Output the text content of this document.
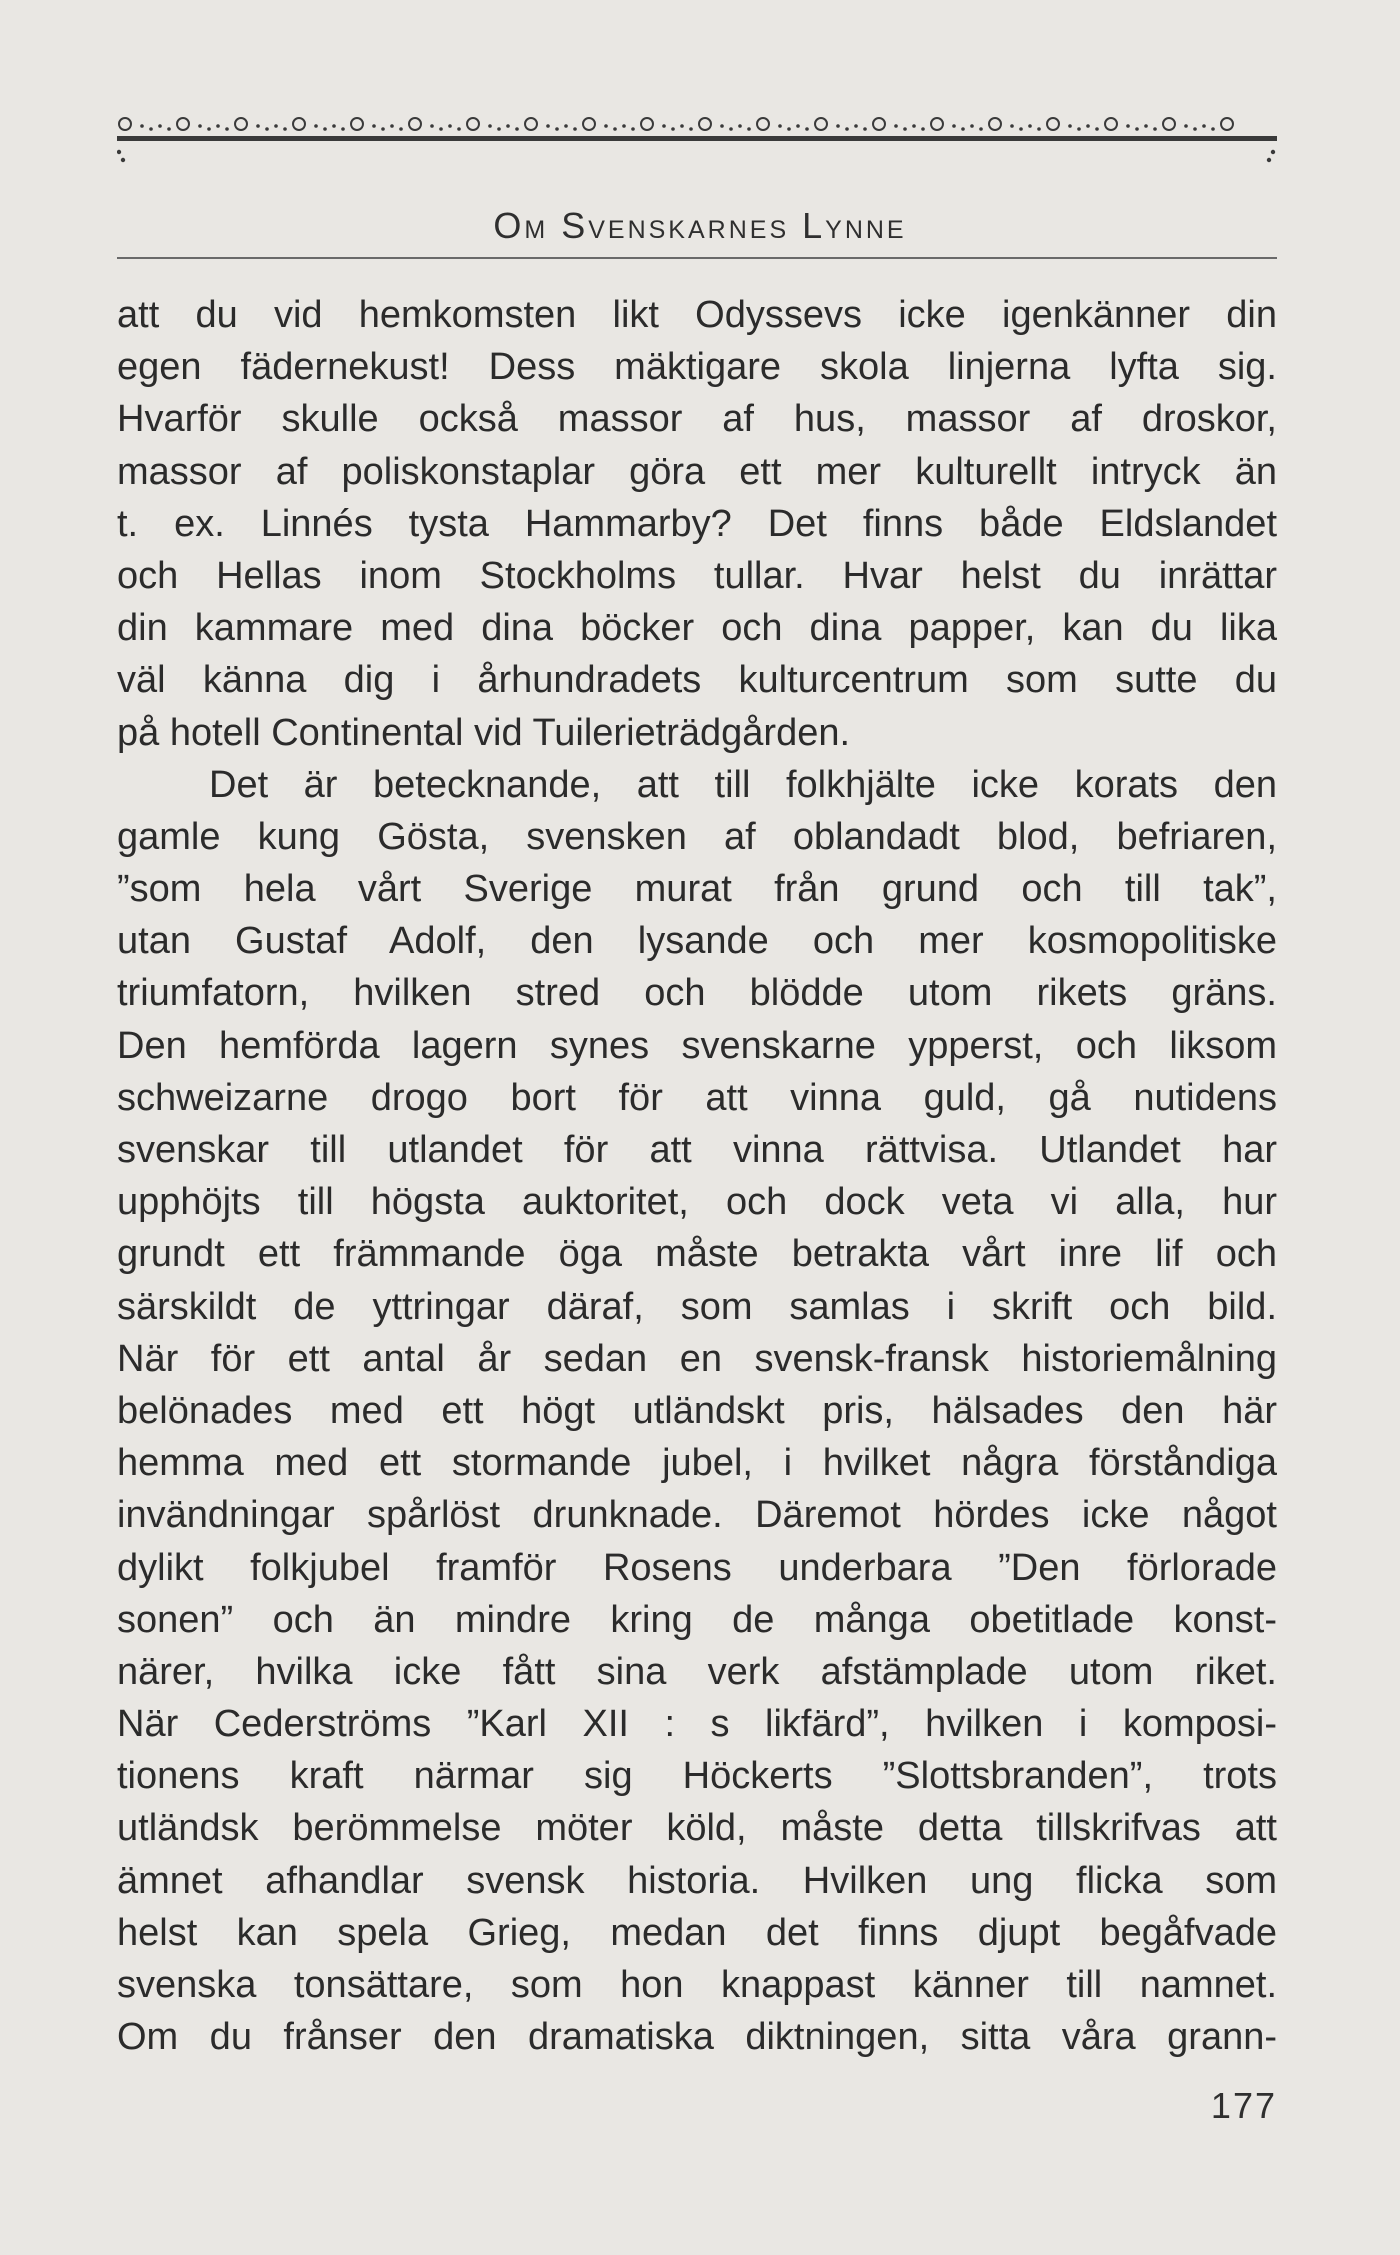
Om Svenskarnes Lynne
att du vid hemkomsten likt Odyssevs icke igenkänner din
egen fädernekust! Dess mäktigare skola linjerna lyfta sig.
Hvarför skulle också massor af hus, massor af droskor,
massor af poliskonstaplar göra ett mer kulturellt intryck än
t. ex. Linnés tysta Hammarby? Det finns både Eldslandet
och Hellas inom Stockholms tullar. Hvar helst du inrättar
din kammare med dina böcker och dina papper, kan du lika
väl känna dig i århundradets kulturcentrum som sutte du
på hotell Continental vid Tuilerieträdgården.
Det är betecknande, att till folkhjälte icke korats den
gamle kung Gösta, svensken af oblandadt blod, befriaren,
”som hela vårt Sverige murat från grund och till tak”,
utan Gustaf Adolf, den lysande och mer kosmopolitiske
triumfatorn, hvilken stred och blödde utom rikets gräns.
Den hemförda lagern synes svenskarne ypperst, och liksom
schweizarne drogo bort för att vinna guld, gå nutidens
svenskar till utlandet för att vinna rättvisa. Utlandet har
upphöjts till högsta auktoritet, och dock veta vi alla, hur
grundt ett främmande öga måste betrakta vårt inre lif och
särskildt de yttringar däraf, som samlas i skrift och bild.
När för ett antal år sedan en svensk-fransk historiemålning
belönades med ett högt utländskt pris, hälsades den här
hemma med ett stormande jubel, i hvilket några förståndiga
invändningar spårlöst drunknade. Däremot hördes icke något
dylikt folkjubel framför Rosens underbara ”Den förlorade
sonen” och än mindre kring de många obetitlade konst-
närer, hvilka icke fått sina verk afstämplade utom riket.
När Cederströms ”Karl XII : s likfärd”, hvilken i komposi-
tionens kraft närmar sig Höckerts ”Slottsbranden”, trots
utländsk berömmelse möter köld, måste detta tillskrifvas att
ämnet afhandlar svensk historia. Hvilken ung flicka som
helst kan spela Grieg, medan det finns djupt begåfvade
svenska tonsättare, som hon knappast känner till namnet.
Om du frånser den dramatiska diktningen, sitta våra grann-
177
